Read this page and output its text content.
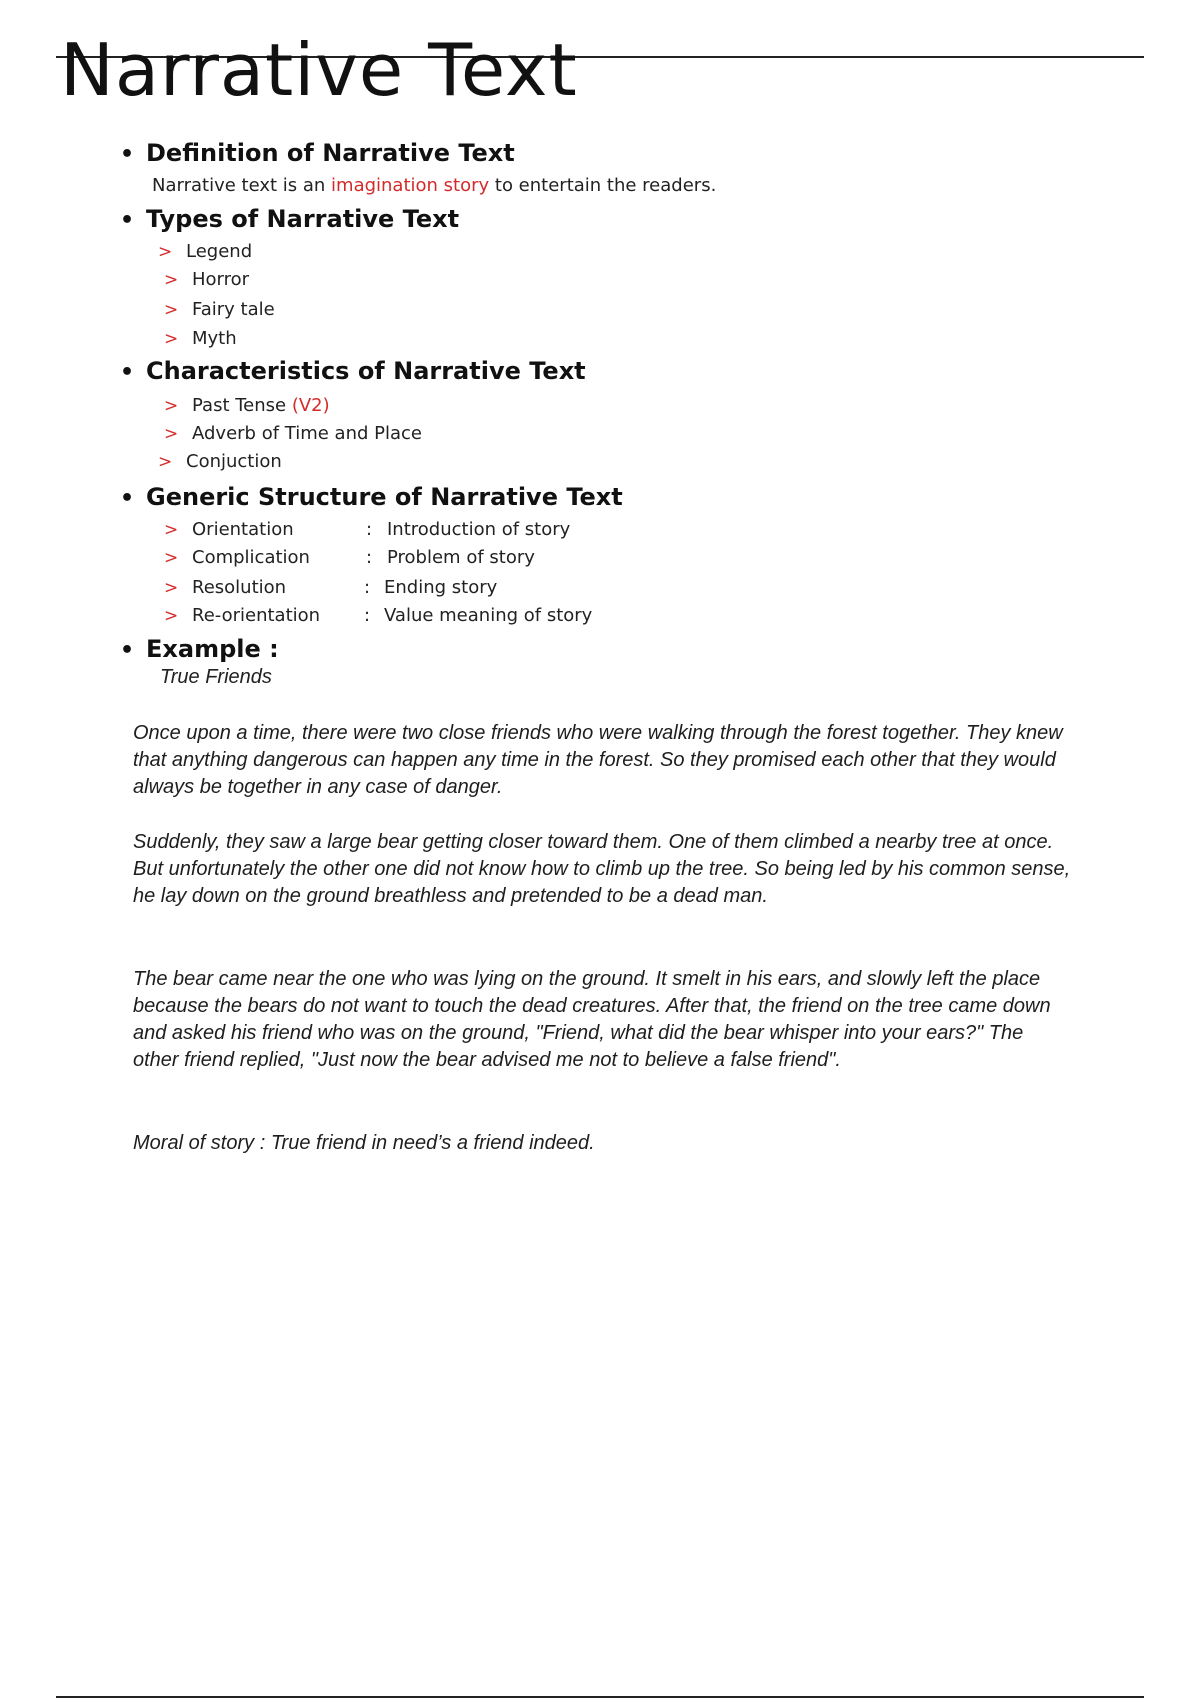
Narrative Text
• Definition of Narrative Text

Narrative text is an imagination story to entertain the readers.

• Types of Narrative Text
> Legend
> Horror
> Fairy tale
> Myth
• Characteristics of Narrative Text
> Past Tense (V2)
> Adverb of Time and Place
> Conjuction
• Generic Structure of Narrative Text
> Orientation	: Introduction of story
> Complication	: Problem of story
> Resolution	: Ending story
> Re-orientation : Value meaning of story
• Example :

True Friends

Once upon a time, there were two close friends who were walking through the forest together. They knew that anything dangerous can happen any time in the forest. So they promised each other that they would always be together in any case of danger.

Suddenly, they saw a large bear getting closer toward them. One of them climbed a nearby tree at once. But unfortunately the other one did not know how to climb up the tree. So being led by his common sense, he lay down on the ground breathless and pretended to be a dead man.

The bear came near the one who was lying on the ground. It smelt in his ears, and slowly left the place because the bears do not want to touch the dead creatures. After that, the friend on the tree came down and asked his friend who was on the ground, "Friend, what did the bear whisper into your ears?" The other friend replied, "Just now the bear advised me not to believe a false friend".

Moral of story : True friend in need’s a friend indeed.
